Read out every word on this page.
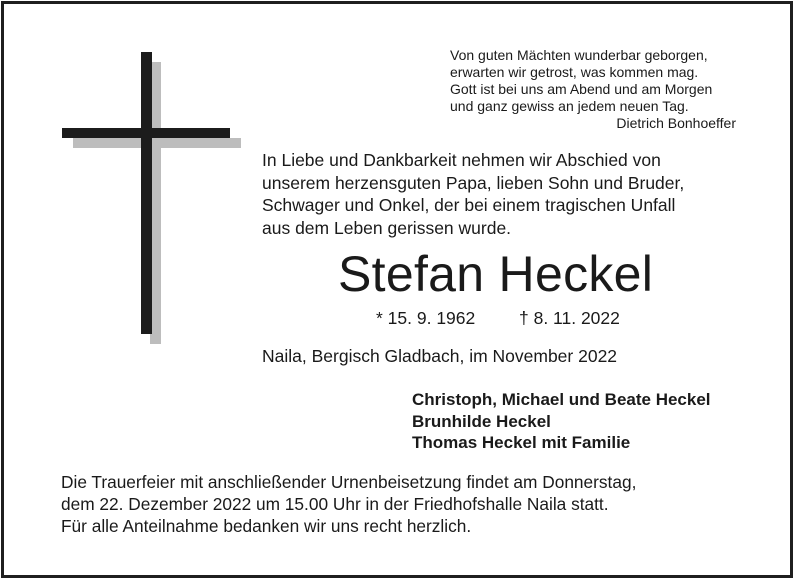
Von guten Mächten wunderbar geborgen,
erwarten wir getrost, was kommen mag.
Gott ist bei uns am Abend und am Morgen
und ganz gewiss an jedem neuen Tag.
Dietrich Bonhoeffer
In Liebe und Dankbarkeit nehmen wir Abschied von
unserem herzensguten Papa, lieben Sohn und Bruder,
Schwager und Onkel, der bei einem tragischen Unfall
aus dem Leben gerissen wurde.
Stefan Heckel
* 15. 9. 1962	† 8. 11. 2022
Naila, Bergisch Gladbach, im November 2022
Christoph, Michael und Beate Heckel
Brunhilde Heckel
Thomas Heckel mit Familie
Die Trauerfeier mit anschließender Urnenbeisetzung findet am Donnerstag,
dem 22. Dezember 2022 um 15.00 Uhr in der Friedhofshalle Naila statt.
Für alle Anteilnahme bedanken wir uns recht herzlich.
